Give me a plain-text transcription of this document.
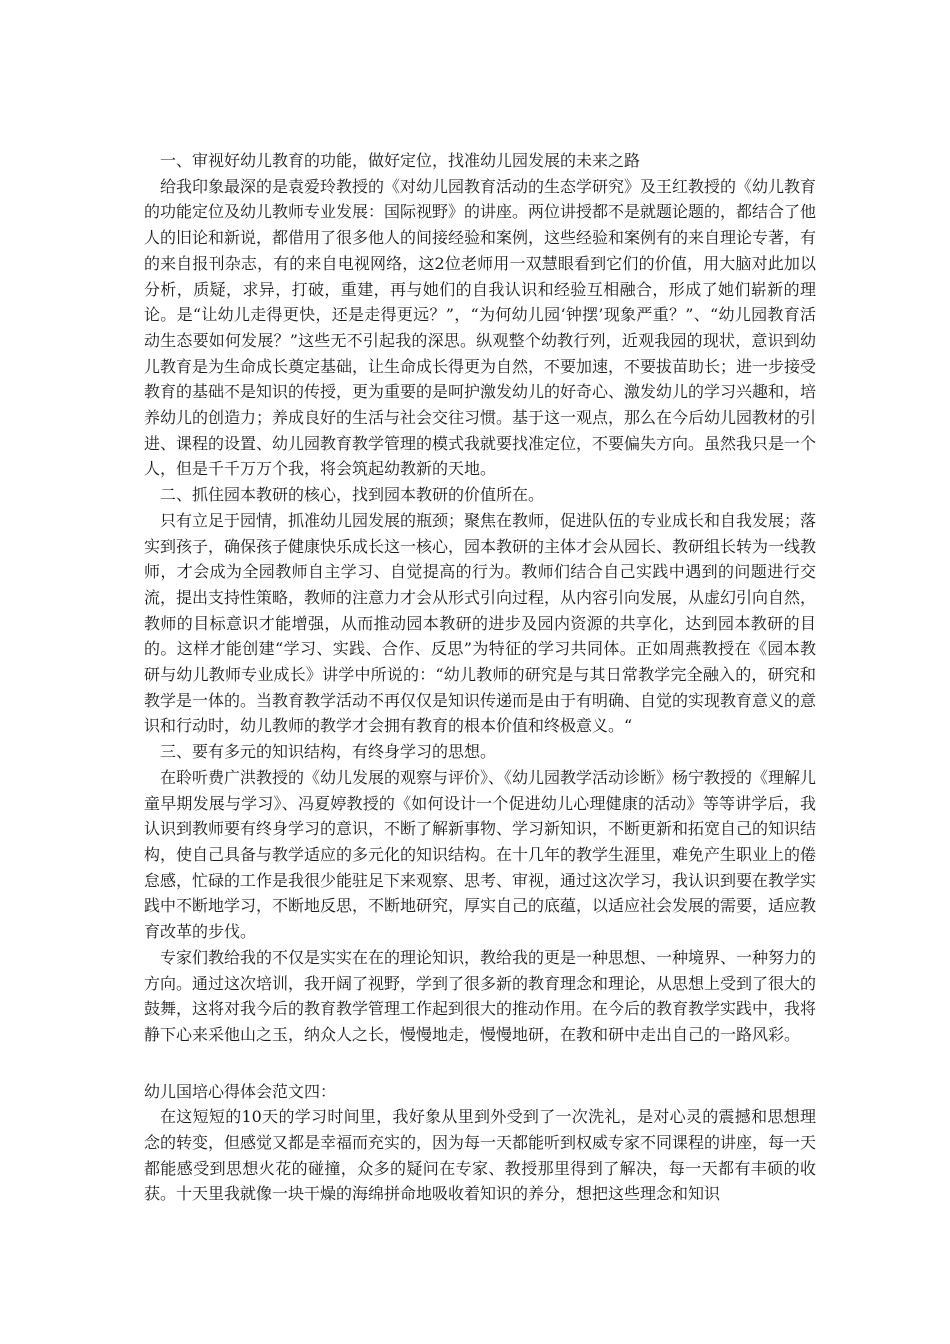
一、审视好幼儿教育的功能，做好定位，找准幼儿园发展的未来之路

给我印象最深的是袁爱玲教授的《对幼儿园教育活动的生态学研究》及王红教授的《幼儿教育的功能定位及幼儿教师专业发展：国际视野》的讲座。两位讲授都不是就题论题的，都结合了他人的旧论和新说，都借用了很多他人的间接经验和案例，这些经验和案例有的来自理论专著，有的来自报刊杂志，有的来自电视网络，这2位老师用一双慧眼看到它们的价值，用大脑对此加以分析，质疑，求异，打破，重建，再与她们的自我认识和经验互相融合，形成了她们崭新的理论。是“让幼儿走得更快，还是走得更远？”，“为何幼儿园‘钟摆’现象严重？”、“幼儿园教育活动生态要如何发展？”这些无不引起我的深思。纵观整个幼教行列，近观我园的现状，意识到幼儿教育是为生命成长奠定基础，让生命成长得更为自然，不要加速，不要拔苗助长；进一步接受教育的基础不是知识的传授，更为重要的是呵护激发幼儿的好奇心、激发幼儿的学习兴趣和，培养幼儿的创造力；养成良好的生活与社会交往习惯。基于这一观点，那么在今后幼儿园教材的引进、课程的设置、幼儿园教育教学管理的模式我就要找准定位，不要偏失方向。虽然我只是一个人，但是千千万万个我，将会筑起幼教新的天地。

二、抓住园本教研的核心，找到园本教研的价值所在。

只有立足于园情，抓准幼儿园发展的瓶颈；聚焦在教师，促进队伍的专业成长和自我发展；落实到孩子，确保孩子健康快乐成长这一核心，园本教研的主体才会从园长、教研组长转为一线教师，才会成为全园教师自主学习、自觉提高的行为。教师们结合自己实践中遇到的问题进行交流，提出支持性策略，教师的注意力才会从形式引向过程，从内容引向发展，从虚幻引向自然，教师的目标意识才能增强，从而推动园本教研的进步及园内资源的共享化，达到园本教研的目的。这样才能创建“学习、实践、合作、反思”为特征的学习共同体。正如周燕教授在《园本教研与幼儿教师专业成长》讲学中所说的：“幼儿教师的研究是与其日常教学完全融入的，研究和教学是一体的。当教育教学活动不再仅仅是知识传递而是由于有明确、自觉的实现教育意义的意识和行动时，幼儿教师的教学才会拥有教育的根本价值和终极意义。“

三、要有多元的知识结构，有终身学习的思想。

在聆听费广洪教授的《幼儿发展的观察与评价》、《幼儿园教学活动诊断》杨宁教授的《理解儿童早期发展与学习》、冯夏婷教授的《如何设计一个促进幼儿心理健康的活动》等等讲学后，我认识到教师要有终身学习的意识，不断了解新事物、学习新知识，不断更新和拓宽自己的知识结构，使自己具备与教学适应的多元化的知识结构。在十几年的教学生涯里，难免产生职业上的倦怠感，忙碌的工作是我很少能驻足下来观察、思考、审视，通过这次学习，我认识到要在教学实践中不断地学习，不断地反思，不断地研究，厚实自己的底蕴，以适应社会发展的需要，适应教育改革的步伐。

专家们教给我的不仅是实实在在的理论知识，教给我的更是一种思想、一种境界、一种努力的方向。通过这次培训，我开阔了视野，学到了很多新的教育理念和理论，从思想上受到了很大的鼓舞，这将对我今后的教育教学管理工作起到很大的推动作用。在今后的教育教学实践中，我将静下心来采他山之玉，纳众人之长，慢慢地走，慢慢地研，在教和研中走出自己的一路风彩。

幼儿国培心得体会范文四：

在这短短的10天的学习时间里，我好象从里到外受到了一次洗礼，是对心灵的震撼和思想理念的转变，但感觉又都是幸福而充实的，因为每一天都能听到权威专家不同课程的讲座，每一天都能感受到思想火花的碰撞，众多的疑问在专家、教授那里得到了解决，每一天都有丰硕的收获。十天里我就像一块干燥的海绵拼命地吸收着知识的养分，想把这些理念和知识
